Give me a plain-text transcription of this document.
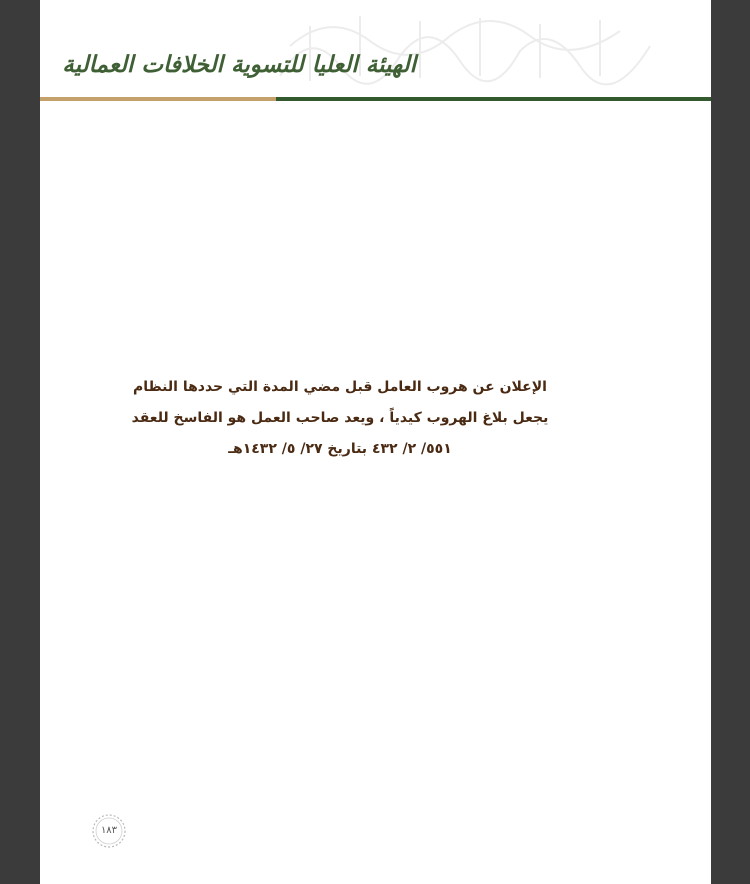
الهيئة العليا للتسوية الخلافات العمالية
الإعلان عن هروب العامل قبل مضي المدة التي حددها النظام
يجعل بلاغ الهروب كيدياً ، ويعد صاحب العمل هو الفاسخ للعقد
٥٥١/ ٢/ ٤٣٢ بتاريخ ٢٧/ ٥/ ١٤٣٢هـ
١٨٣
